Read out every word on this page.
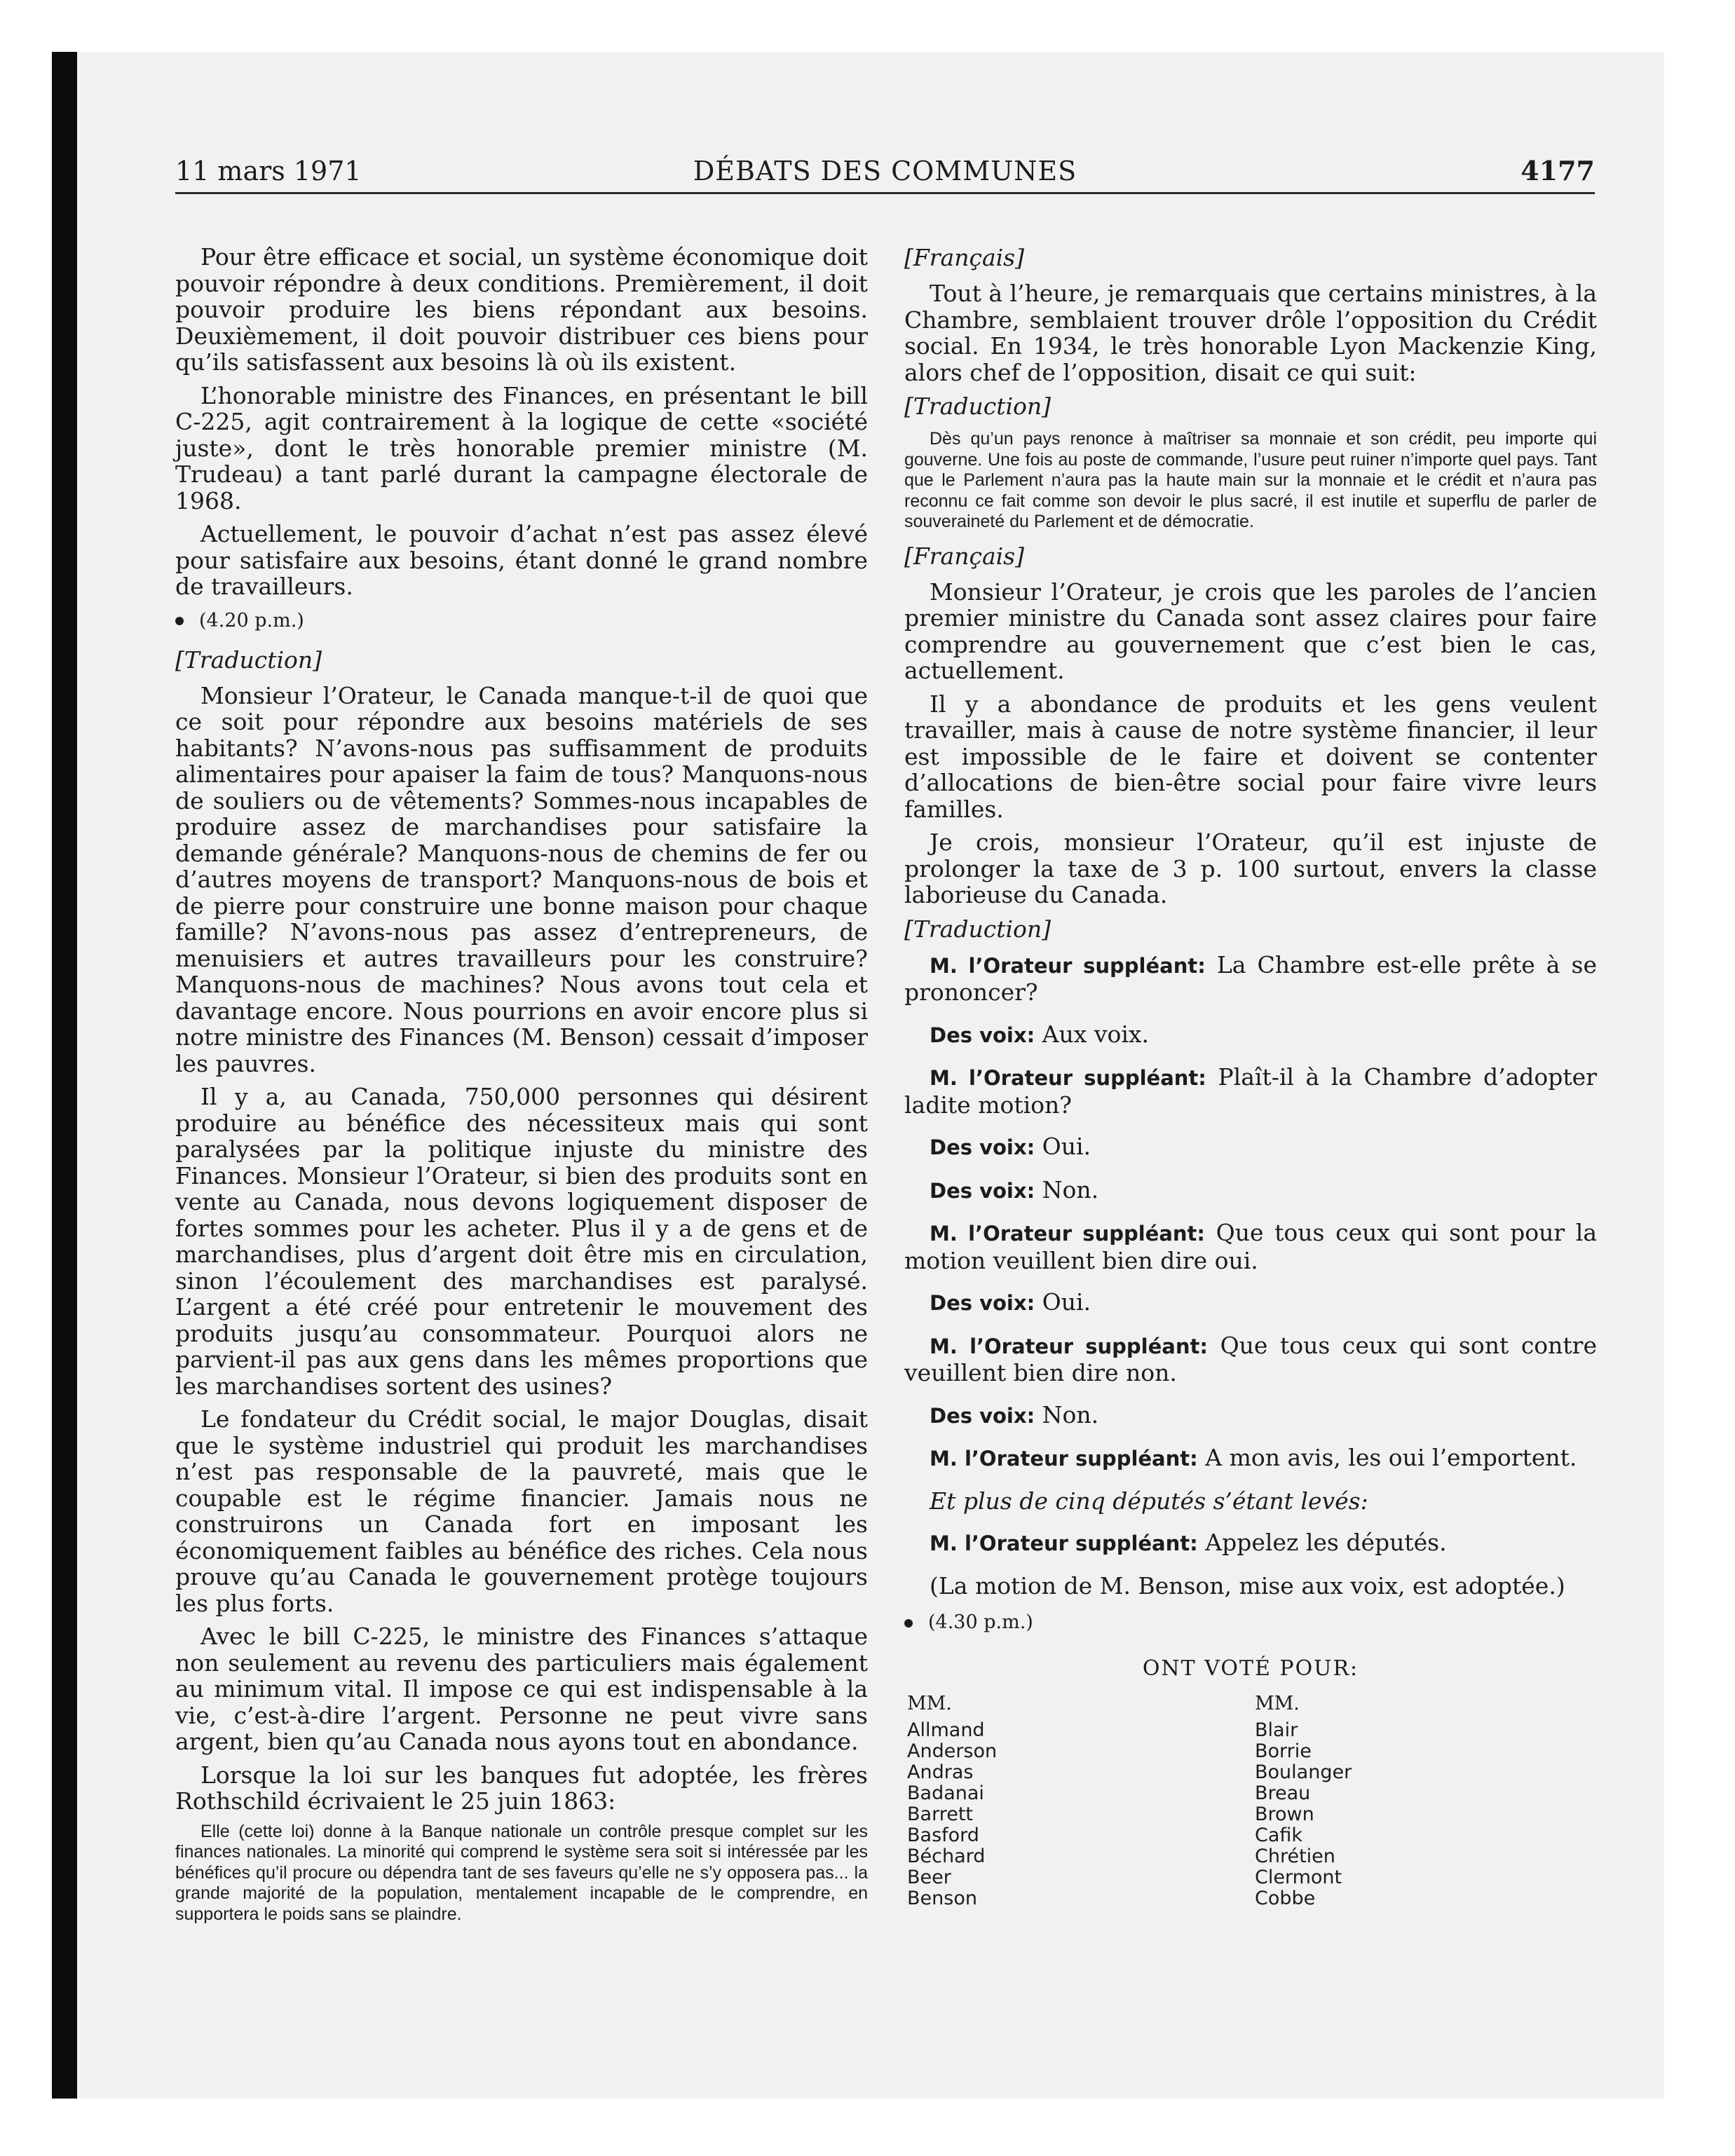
11 mars 1971	DÉBATS DES COMMUNES	4177

Pour être efficace et social, un système économique doit pouvoir répondre à deux conditions. Premièrement, il doit pouvoir produire les biens répondant aux besoins. Deuxièmement, il doit pouvoir distribuer ces biens pour qu’ils satisfassent aux besoins là où ils existent.

L’honorable ministre des Finances, en présentant le bill C-225, agit contrairement à la logique de cette «société juste», dont le très honorable premier ministre (M. Trudeau) a tant parlé durant la campagne électorale de 1968.

Actuellement, le pouvoir d’achat n’est pas assez élevé pour satisfaire aux besoins, étant donné le grand nombre de travailleurs.

(4.20 p.m.)
[Traduction]

Monsieur l’Orateur, le Canada manque-t-il de quoi que ce soit pour répondre aux besoins matériels de ses habitants? N’avons-nous pas suffisamment de produits alimentaires pour apaiser la faim de tous? Manquons-nous de souliers ou de vêtements? Sommes-nous incapables de produire assez de marchandises pour satisfaire la demande générale? Manquons-nous de chemins de fer ou d’autres moyens de transport? Manquons-nous de bois et de pierre pour construire une bonne maison pour chaque famille? N’avons-nous pas assez d’entrepreneurs, de menuisiers et autres travailleurs pour les construire? Manquons-nous de machines? Nous avons tout cela et davantage encore. Nous pourrions en avoir encore plus si notre ministre des Finances (M. Benson) cessait d’imposer les pauvres.

Il y a, au Canada, 750,000 personnes qui désirent produire au bénéfice des nécessiteux mais qui sont paralysées par la politique injuste du ministre des Finances. Monsieur l’Orateur, si bien des produits sont en vente au Canada, nous devons logiquement disposer de fortes sommes pour les acheter. Plus il y a de gens et de marchandises, plus d’argent doit être mis en circulation, sinon l’écoulement des marchandises est paralysé. L’argent a été créé pour entretenir le mouvement des produits jusqu’au consommateur. Pourquoi alors ne parvient-il pas aux gens dans les mêmes proportions que les marchandises sortent des usines?

Le fondateur du Crédit social, le major Douglas, disait que le système industriel qui produit les marchandises n’est pas responsable de la pauvreté, mais que le coupable est le régime financier. Jamais nous ne construirons un Canada fort en imposant les économiquement faibles au bénéfice des riches. Cela nous prouve qu’au Canada le gouvernement protège toujours les plus forts.

Avec le bill C-225, le ministre des Finances s’attaque non seulement au revenu des particuliers mais également au minimum vital. Il impose ce qui est indispensable à la vie, c’est-à-dire l’argent. Personne ne peut vivre sans argent, bien qu’au Canada nous ayons tout en abondance.

Lorsque la loi sur les banques fut adoptée, les frères Rothschild écrivaient le 25 juin 1863:

Elle (cette loi) donne à la Banque nationale un contrôle presque complet sur les finances nationales. La minorité qui comprend le système sera soit si intéressée par les bénéfices qu’il procure ou dépendra tant de ses faveurs qu’elle ne s’y opposera pas... la grande majorité de la population, mentalement incapable de le comprendre, en supportera le poids sans se plaindre.

[Français]

Tout à l’heure, je remarquais que certains ministres, à la Chambre, semblaient trouver drôle l’opposition du Crédit social. En 1934, le très honorable Lyon Mackenzie King, alors chef de l’opposition, disait ce qui suit:

[Traduction]

Dès qu’un pays renonce à maîtriser sa monnaie et son crédit, peu importe qui gouverne. Une fois au poste de commande, l’usure peut ruiner n’importe quel pays. Tant que le Parlement n’aura pas la haute main sur la monnaie et le crédit et n’aura pas reconnu ce fait comme son devoir le plus sacré, il est inutile et superflu de parler de souveraineté du Parlement et de démocratie.

[Français]

Monsieur l’Orateur, je crois que les paroles de l’ancien premier ministre du Canada sont assez claires pour faire comprendre au gouvernement que c’est bien le cas, actuellement.

Il y a abondance de produits et les gens veulent travailler, mais à cause de notre système financier, il leur est impossible de le faire et doivent se contenter d’allocations de bien-être social pour faire vivre leurs familles.

Je crois, monsieur l’Orateur, qu’il est injuste de prolonger la taxe de 3 p. 100 surtout, envers la classe laborieuse du Canada.

[Traduction]

M. l’Orateur suppléant: La Chambre est-elle prête à se prononcer?

Des voix: Aux voix.

M. l’Orateur suppléant: Plaît-il à la Chambre d’adopter ladite motion?

Des voix: Oui.

Des voix: Non.

M. l’Orateur suppléant: Que tous ceux qui sont pour la motion veuillent bien dire oui.

Des voix: Oui.

M. l’Orateur suppléant: Que tous ceux qui sont contre veuillent bien dire non.

Des voix: Non.

M. l’Orateur suppléant: A mon avis, les oui l’emportent.

Et plus de cinq députés s’étant levés:

M. l’Orateur suppléant: Appelez les députés.

(La motion de M. Benson, mise aux voix, est adoptée.)

(4.30 p.m.)
ONT VOTÉ POUR:
MM.
Allmand
Anderson
Andras
Badanai
Barrett
Basford
Béchard
Beer
Benson
MM.
Blair
Borrie
Boulanger
Breau
Brown
Cafik
Chrétien
Clermont
Cobbe
